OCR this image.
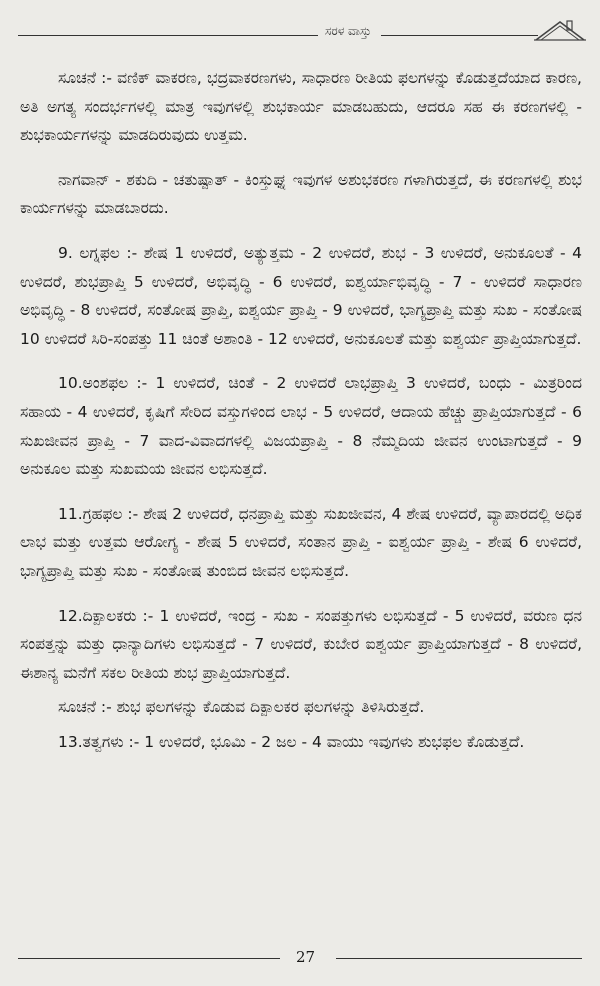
ಸರಳ ವಾಸ್ತು

ಸೂಚನೆ :- ವಣಿಕ್ ವಾಕರಣ, ಭದ್ರವಾಕರಣಗಳು, ಸಾಧಾರಣ ರೀತಿಯ ಫಲಗಳನ್ನು ಕೊಡುತ್ತದೆಯಾದ ಕಾರಣ, ಅತಿ ಅಗತ್ಯ ಸಂದರ್ಭಗಳಲ್ಲಿ ಮಾತ್ರ ಇವುಗಳಲ್ಲಿ ಶುಭಕಾರ್ಯ ಮಾಡಬಹುದು, ಆದರೂ ಸಹ ಈ ಕರಣಗಳಲ್ಲಿ - ಶುಭಕಾರ್ಯಗಳನ್ನು ಮಾಡದಿರುವುದು ಉತ್ತಮ.

ನಾಗವಾನ್ - ಶಕುದಿ - ಚತುಷ್ಪಾತ್ - ಕಿಂಸ್ತುಘ್ನ ಇವುಗಳ ಅಶುಭಕರಣ ಗಳಾಗಿರುತ್ತದೆ, ಈ ಕರಣಗಳಲ್ಲಿ ಶುಭ ಕಾರ್ಯಗಳನ್ನು ಮಾಡಬಾರದು.

9. ಲಗ್ನಫಲ :- ಶೇಷ 1 ಉಳಿದರೆ, ಅತ್ಯುತ್ತಮ - 2 ಉಳಿದರೆ, ಶುಭ - 3 ಉಳಿದರೆ, ಅನುಕೂಲತೆ - 4 ಉಳಿದರೆ, ಶುಭಪ್ರಾಪ್ತಿ 5 ಉಳಿದರೆ, ಅಭಿವೃದ್ಧಿ - 6 ಉಳಿದರೆ, ಐಶ್ವರ್ಯಾಭಿವೃದ್ಧಿ - 7 - ಉಳಿದರೆ ಸಾಧಾರಣ ಅಭಿವೃದ್ಧಿ - 8 ಉಳಿದರೆ, ಸಂತೋಷ ಪ್ರಾಪ್ತಿ, ಐಶ್ವರ್ಯ ಪ್ರಾಪ್ತಿ - 9 ಉಳಿದರೆ, ಭಾಗ್ಯಪ್ರಾಪ್ತಿ ಮತ್ತು ಸುಖ - ಸಂತೋಷ 10 ಉಳಿದರೆ ಸಿರಿ-ಸಂಪತ್ತು 11 ಚಿಂತೆ ಅಶಾಂತಿ - 12 ಉಳಿದರೆ, ಅನುಕೂಲತೆ ಮತ್ತು ಐಶ್ವರ್ಯ ಪ್ರಾಪ್ತಿಯಾಗುತ್ತದೆ.

10.ಅಂಶಫಲ :- 1 ಉಳಿದರೆ, ಚಿಂತೆ - 2 ಉಳಿದರೆ ಲಾಭಪ್ರಾಪ್ತಿ 3 ಉಳಿದರೆ, ಬಂಧು - ಮಿತ್ರರಿಂದ ಸಹಾಯ - 4 ಉಳಿದರೆ, ಕೃಷಿಗೆ ಸೇರಿದ ವಸ್ತುಗಳಿಂದ ಲಾಭ - 5 ಉಳಿದರೆ, ಆದಾಯ ಹೆಚ್ಚು ಪ್ರಾಪ್ತಿಯಾಗುತ್ತದೆ - 6 ಸುಖಜೀವನ ಪ್ರಾಪ್ತಿ - 7 ವಾದ-ವಿವಾದಗಳಲ್ಲಿ ವಿಜಯಪ್ರಾಪ್ತಿ - 8 ನೆಮ್ಮದಿಯ ಜೀವನ ಉಂಟಾಗುತ್ತದೆ - 9 ಅನುಕೂಲ ಮತ್ತು ಸುಖಮಯ ಜೀವನ ಲಭಿಸುತ್ತದೆ.

11.ಗ್ರಹಫಲ :- ಶೇಷ 2 ಉಳಿದರೆ, ಧನಪ್ರಾಪ್ತಿ ಮತ್ತು ಸುಖಜೀವನ, 4 ಶೇಷ ಉಳಿದರೆ, ವ್ಯಾಪಾರದಲ್ಲಿ ಅಧಿಕ ಲಾಭ ಮತ್ತು ಉತ್ತಮ ಆರೋಗ್ಯ - ಶೇಷ 5 ಉಳಿದರೆ, ಸಂತಾನ ಪ್ರಾಪ್ತಿ - ಐಶ್ವರ್ಯ ಪ್ರಾಪ್ತಿ - ಶೇಷ 6 ಉಳಿದರೆ, ಭಾಗ್ಯಪ್ರಾಪ್ತಿ ಮತ್ತು ಸುಖ - ಸಂತೋಷ ತುಂಬಿದ ಜೀವನ ಲಭಿಸುತ್ತದೆ.

12.ದಿಕ್ಪಾಲಕರು :- 1 ಉಳಿದರೆ, ಇಂದ್ರ - ಸುಖ - ಸಂಪತ್ತುಗಳು ಲಭಿಸುತ್ತದೆ - 5 ಉಳಿದರೆ, ವರುಣ ಧನ ಸಂಪತ್ತನ್ನು ಮತ್ತು ಧಾನ್ಯಾದಿಗಳು ಲಭಿಸುತ್ತದೆ - 7 ಉಳಿದರೆ, ಕುಬೇರ ಐಶ್ವರ್ಯ ಪ್ರಾಪ್ತಿಯಾಗುತ್ತದೆ - 8 ಉಳಿದರೆ, ಈಶಾನ್ಯ ಮನೆಗೆ ಸಕಲ ರೀತಿಯ ಶುಭ ಪ್ರಾಪ್ತಿಯಾಗುತ್ತದೆ.

ಸೂಚನೆ :- ಶುಭ ಫಲಗಳನ್ನು ಕೊಡುವ ದಿಕ್ಪಾಲಕರ ಫಲಗಳನ್ನು ತಿಳಿಸಿರುತ್ತದೆ.

13.ತತ್ವಗಳು :- 1 ಉಳಿದರೆ, ಭೂಮಿ - 2 ಜಲ - 4 ವಾಯು ಇವುಗಳು ಶುಭಫಲ ಕೊಡುತ್ತದೆ.

27
